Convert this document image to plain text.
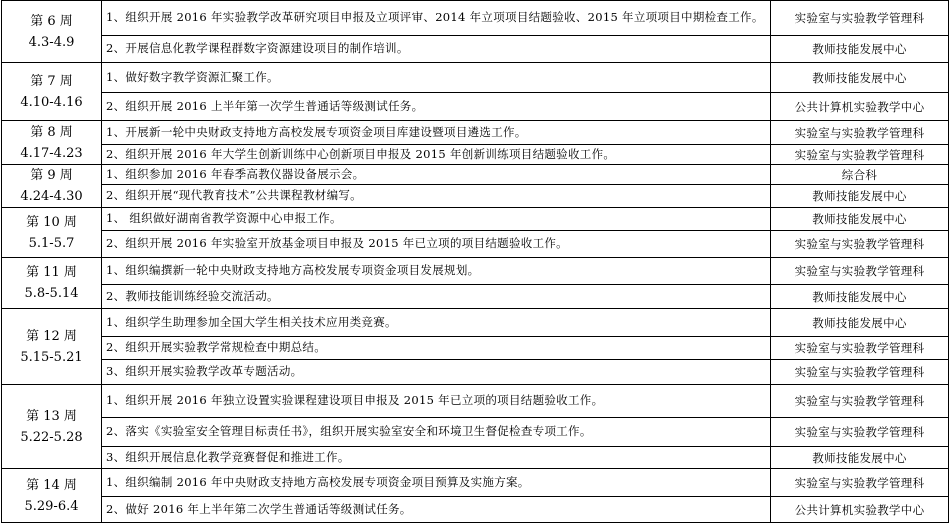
第 6 周
4.3-4.9	1、组织开展 2016 年实验教学改革研究项目申报及立项评审、2014 年立项项目结题验收、2015 年立项项目中期检查工作。	实验室与实验教学管理科
	2、开展信息化教学课程群数字资源建设项目的制作培训。	教师技能发展中心

第 7 周
4.10-4.16	1、做好数字教学资源汇聚工作。	教师技能发展中心
	2、组织开展 2016 上半年第一次学生普通话等级测试任务。	公共计算机实验教学中心

第 8 周
4.17-4.23	1、开展新一轮中央财政支持地方高校发展专项资金项目库建设暨项目遴选工作。	实验室与实验教学管理科
	2、组织开展 2016 年大学生创新训练中心创新项目申报及 2015 年创新训练项目结题验收工作。	实验室与实验教学管理科

第 9 周
4.24-4.30	1、组织参加 2016 年春季高教仪器设备展示会。	综合科
	2、组织开展“现代教育技术”公共课程教材编写。	教师技能发展中心

第 10 周
5.1-5.7	1、 组织做好湖南省教学资源中心申报工作。	教师技能发展中心
	2、组织开展 2016 年实验室开放基金项目申报及 2015 年已立项的项目结题验收工作。	实验室与实验教学管理科

第 11 周
5.8-5.14	1、组织编撰新一轮中央财政支持地方高校发展专项资金项目发展规划。	实验室与实验教学管理科
	2、教师技能训练经验交流活动。	教师技能发展中心

第 12 周
5.15-5.21	1、组织学生助理参加全国大学生相关技术应用类竞赛。	教师技能发展中心
	2、组织开展实验教学常规检查中期总结。	实验室与实验教学管理科
	3、组织开展实验教学改革专题活动。	实验室与实验教学管理科

第 13 周
5.22-5.28	1、组织开展 2016 年独立设置实验课程建设项目申报及 2015 年已立项的项目结题验收工作。	实验室与实验教学管理科
	2、落实《实验室安全管理目标责任书》，组织开展实验室安全和环境卫生督促检查专项工作。	实验室与实验教学管理科
	3、组织开展信息化教学竞赛督促和推进工作。	教师技能发展中心

第 14 周
5.29-6.4	1、组织编制 2016 年中央财政支持地方高校发展专项资金项目预算及实施方案。	实验室与实验教学管理科
	2、做好 2016 年上半年第二次学生普通话等级测试任务。	公共计算机实验教学中心
